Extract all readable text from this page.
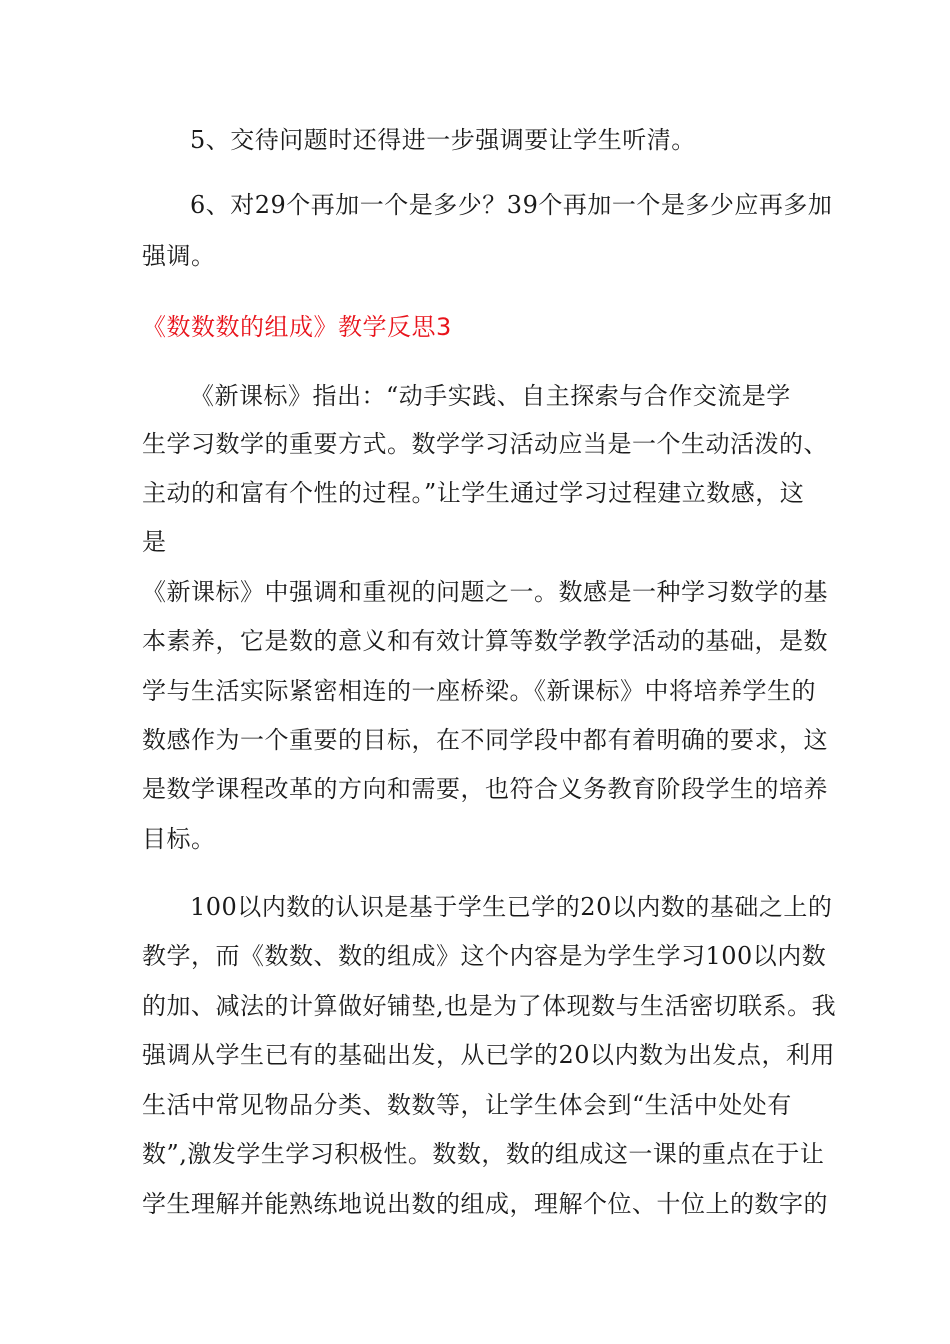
5、交待问题时还得进一步强调要让学生听清。
6、对29个再加一个是多少？39个再加一个是多少应再多加
强调。
《数数数的组成》教学反思3
《新课标》指出：“动手实践、自主探索与合作交流是学
生学习数学的重要方式。数学学习活动应当是一个生动活泼的、
主动的和富有个性的过程。”让学生通过学习过程建立数感，这
是
《新课标》中强调和重视的问题之一。数感是一种学习数学的基
本素养，它是数的意义和有效计算等数学教学活动的基础，是数
学与生活实际紧密相连的一座桥梁。《新课标》中将培养学生的
数感作为一个重要的目标，在不同学段中都有着明确的要求，这
是数学课程改革的方向和需要，也符合义务教育阶段学生的培养
目标。
100以内数的认识是基于学生已学的20以内数的基础之上的
教学，而《数数、数的组成》这个内容是为学生学习100以内数
的加、减法的计算做好铺垫,也是为了体现数与生活密切联系。我
强调从学生已有的基础出发，从已学的20以内数为出发点，利用
生活中常见物品分类、数数等，让学生体会到“生活中处处有
数”,激发学生学习积极性。数数，数的组成这一课的重点在于让
学生理解并能熟练地说出数的组成，理解个位、十位上的数字的
